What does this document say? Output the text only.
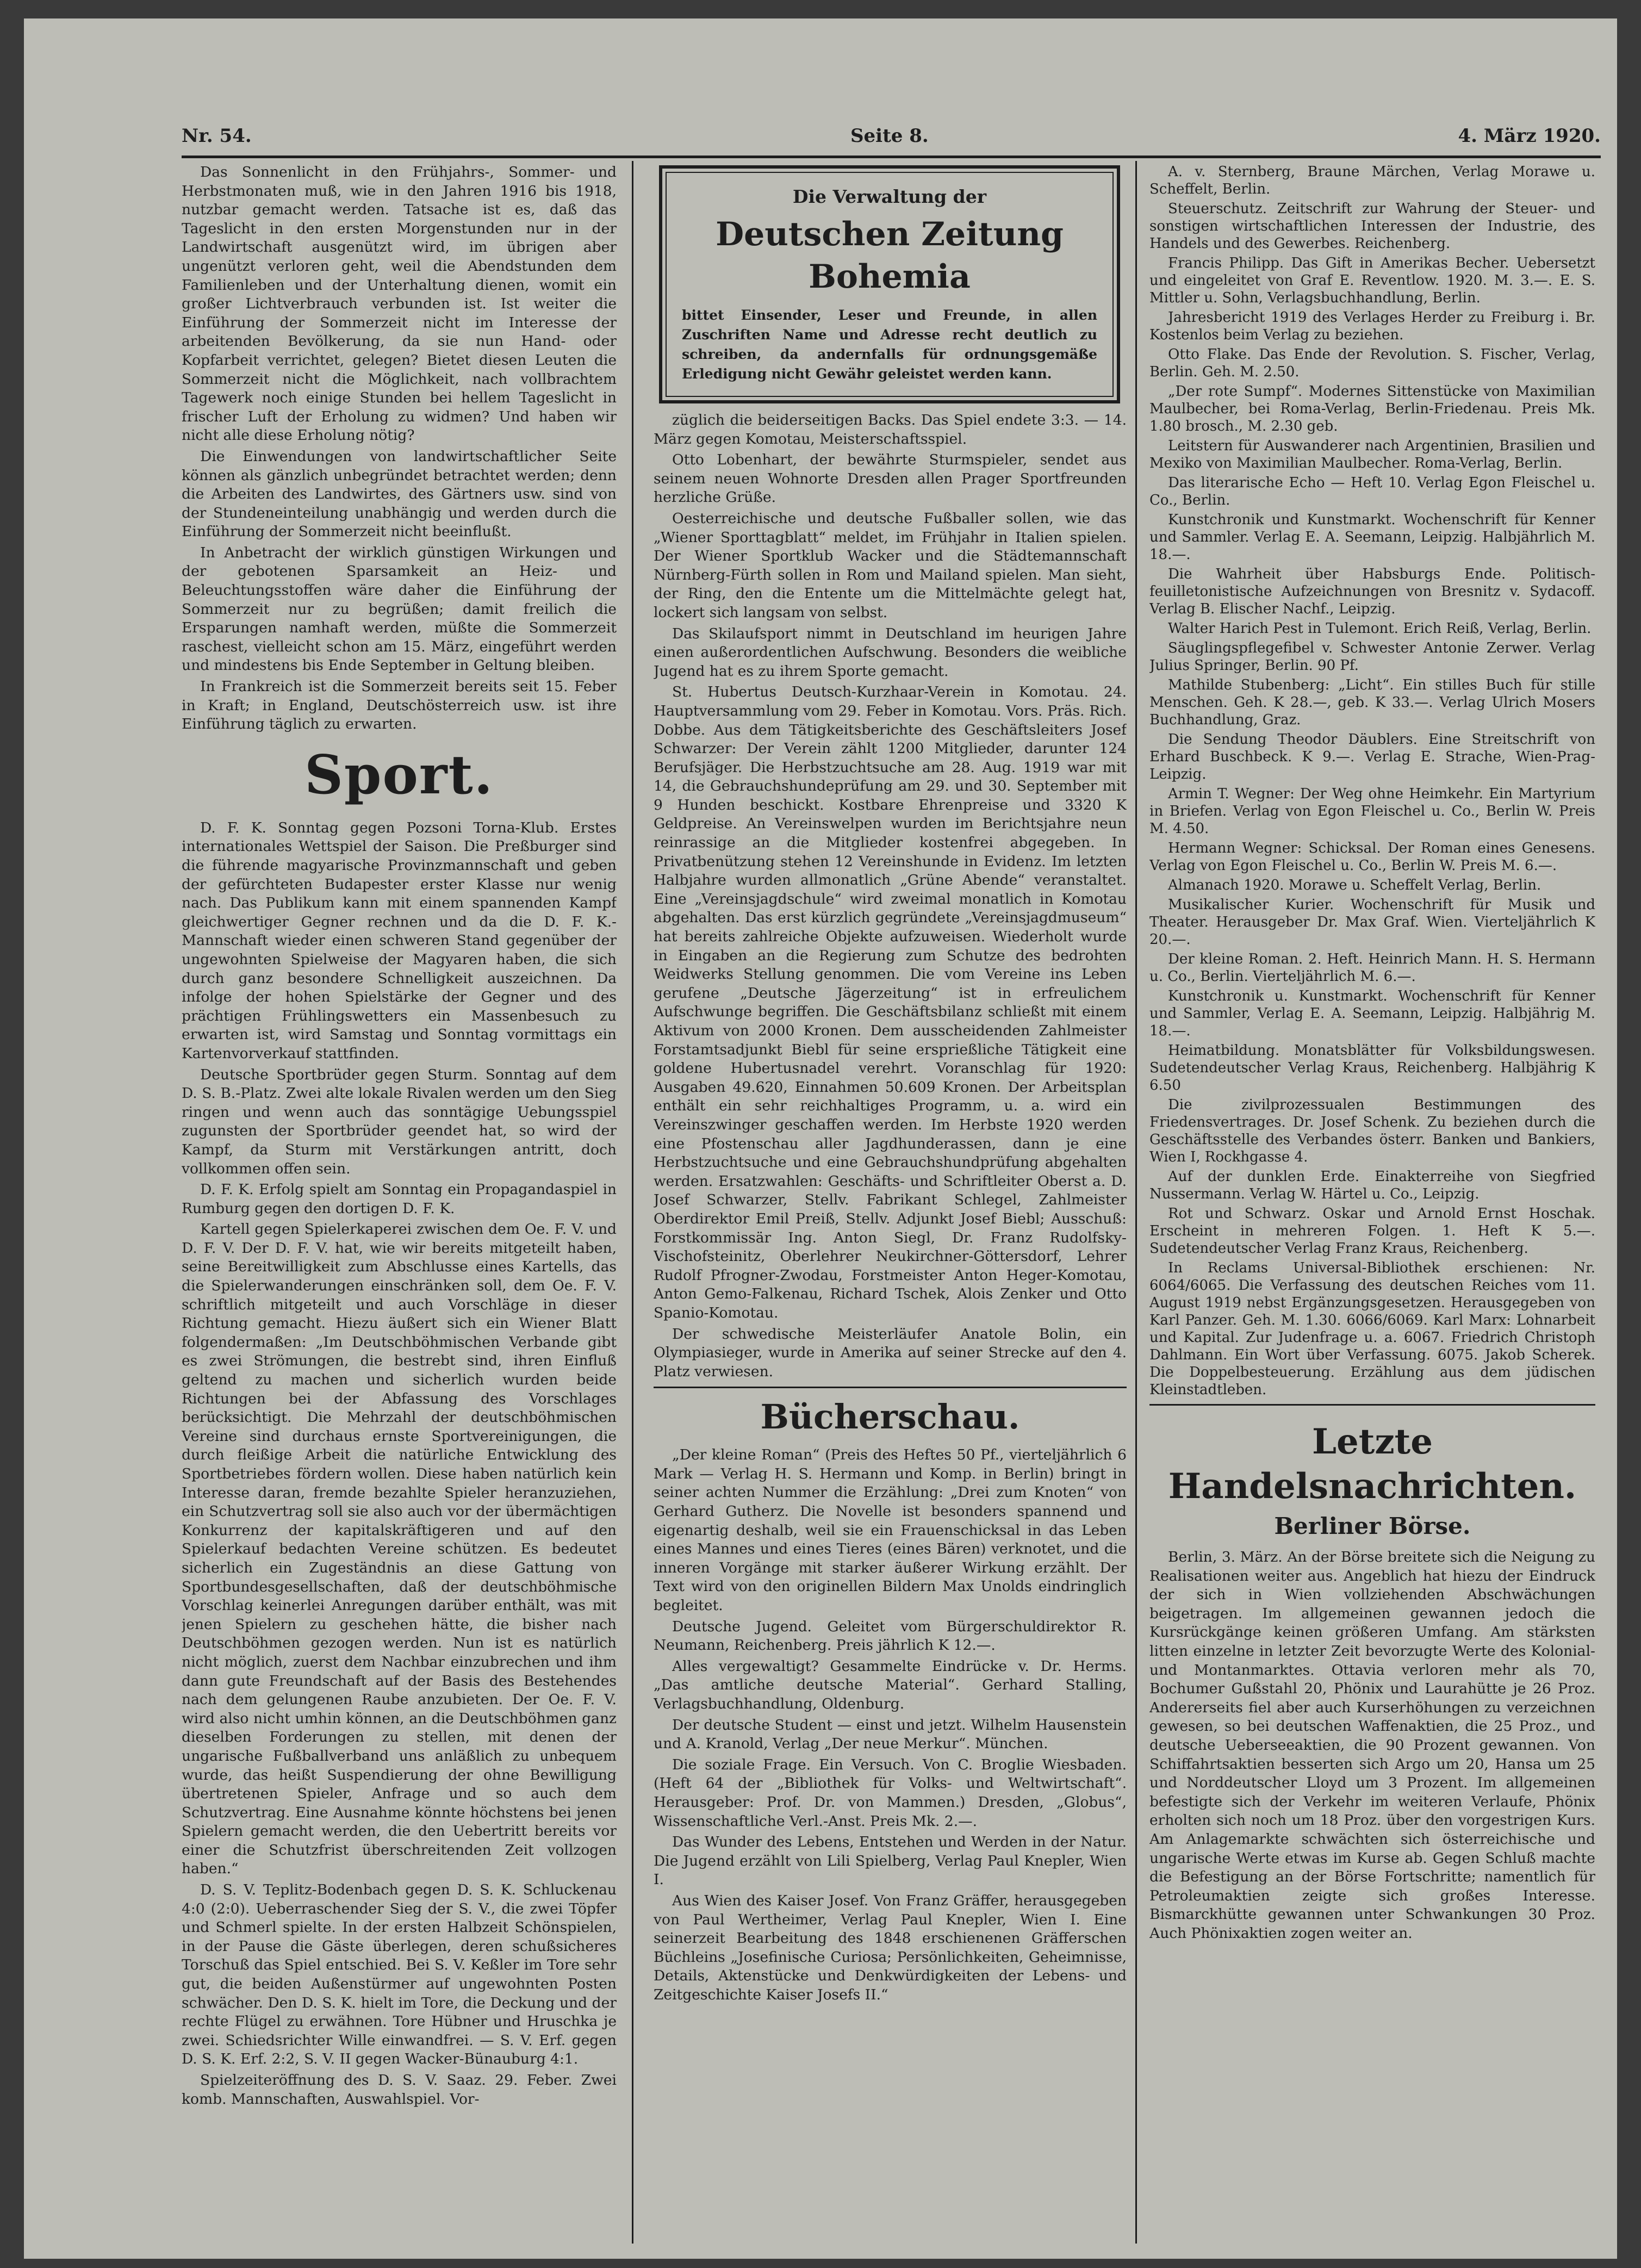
Nr. 54.	Seite 8.	4. März 1920.

Das Sonnenlicht in den Frühjahrs-, Sommer- und Herbstmonaten muß, wie in den Jahren 1916 bis 1918, nutzbar gemacht werden. Tatsache ist es, daß das Tageslicht in den ersten Morgenstunden nur in der Landwirtschaft ausgenützt wird, im übrigen aber ungenützt verloren geht, weil die Abendstunden dem Familienleben und der Unterhaltung dienen, womit ein großer Lichtverbrauch verbunden ist. Ist weiter die Einführung der Sommerzeit nicht im Interesse der arbeitenden Bevölkerung, da sie nun Hand- oder Kopfarbeit verrichtet, gelegen? Bietet diesen Leuten die Sommerzeit nicht die Möglichkeit, nach vollbrachtem Tagewerk noch einige Stunden bei hellem Tageslicht in frischer Luft der Erholung zu widmen? Und haben wir nicht alle diese Erholung nötig?

Die Einwendungen von landwirtschaftlicher Seite können als gänzlich unbegründet betrachtet werden; denn die Arbeiten des Landwirtes, des Gärtners usw. sind von der Stundeneinteilung unabhängig und werden durch die Einführung der Sommerzeit nicht beeinflußt.

In Anbetracht der wirklich günstigen Wirkungen und der gebotenen Sparsamkeit an Heiz- und Beleuchtungsstoffen wäre daher die Einführung der Sommerzeit nur zu begrüßen; damit freilich die Ersparungen namhaft werden, müßte die Sommerzeit raschest, vielleicht schon am 15. März, eingeführt werden und mindestens bis Ende September in Geltung bleiben.

In Frankreich ist die Sommerzeit bereits seit 15. Feber in Kraft; in England, Deutschösterreich usw. ist ihre Einführung täglich zu erwarten.

Sport.

D. F. K. Sonntag gegen Pozsoni Torna-Klub. Erstes internationales Wettspiel der Saison. Die Preßburger sind die führende magyarische Provinzmannschaft und geben der gefürchteten Budapester erster Klasse nur wenig nach. Das Publikum kann mit einem spannenden Kampf gleichwertiger Gegner rechnen und da die D. F. K.-Mannschaft wieder einen schweren Stand gegenüber der ungewohnten Spielweise der Magyaren haben, die sich durch ganz besondere Schnelligkeit auszeichnen. Da infolge der hohen Spielstärke der Gegner und des prächtigen Frühlingswetters ein Massenbesuch zu erwarten ist, wird Samstag und Sonntag vormittags ein Kartenvorverkauf stattfinden.

Deutsche Sportbrüder gegen Sturm. Sonntag auf dem D. S. B.-Platz. Zwei alte lokale Rivalen werden um den Sieg ringen und wenn auch das sonntägige Uebungsspiel zugunsten der Sportbrüder geendet hat, so wird der Kampf, da Sturm mit Verstärkungen antritt, doch vollkommen offen sein.

D. F. K. Erfolg spielt am Sonntag ein Propagandaspiel in Rumburg gegen den dortigen D. F. K.

Kartell gegen Spielerkaperei zwischen dem Oe. F. V. und D. F. V. Der D. F. V. hat, wie wir bereits mitgeteilt haben, seine Bereitwilligkeit zum Abschlusse eines Kartells, das die Spielerwanderungen einschränken soll, dem Oe. F. V. schriftlich mitgeteilt und auch Vorschläge in dieser Richtung gemacht. Hiezu äußert sich ein Wiener Blatt folgendermaßen: „Im Deutschböhmischen Verbande gibt es zwei Strömungen, die bestrebt sind, ihren Einfluß geltend zu machen und sicherlich wurden beide Richtungen bei der Abfassung des Vorschlages berücksichtigt. Die Mehrzahl der deutschböhmischen Vereine sind durchaus ernste Sportvereinigungen, die durch fleißige Arbeit die natürliche Entwicklung des Sportbetriebes fördern wollen. Diese haben natürlich kein Interesse daran, fremde bezahlte Spieler heranzuziehen, ein Schutzvertrag soll sie also auch vor der übermächtigen Konkurrenz der kapitalskräftigeren und auf den Spielerkauf bedachten Vereine schützen. Es bedeutet sicherlich ein Zugeständnis an diese Gattung von Sportbundesgesellschaften, daß der deutschböhmische Vorschlag keinerlei Anregungen darüber enthält, was mit jenen Spielern zu geschehen hätte, die bisher nach Deutschböhmen gezogen werden. Nun ist es natürlich nicht möglich, zuerst dem Nachbar einzubrechen und ihm dann gute Freundschaft auf der Basis des Bestehendes nach dem gelungenen Raube anzubieten. Der Oe. F. V. wird also nicht umhin können, an die Deutschböhmen ganz dieselben Forderungen zu stellen, mit denen der ungarische Fußballverband uns anläßlich zu unbequem wurde, das heißt Suspendierung der ohne Bewilligung übertretenen Spieler, Anfrage und so auch dem Schutzvertrag. Eine Ausnahme könnte höchstens bei jenen Spielern gemacht werden, die den Uebertritt bereits vor einer die Schutzfrist überschreitenden Zeit vollzogen haben.“

D. S. V. Teplitz-Bodenbach gegen D. S. K. Schluckenau 4:0 (2:0). Ueberraschender Sieg der S. V., die zwei Töpfer und Schmerl spielte. In der ersten Halbzeit Schönspielen, in der Pause die Gäste überlegen, deren schußsicheres Torschuß das Spiel entschied. Bei S. V. Keßler im Tore sehr gut, die beiden Außenstürmer auf ungewohnten Posten schwächer. Den D. S. K. hielt im Tore, die Deckung und der rechte Flügel zu erwähnen. Tore Hübner und Hruschka je zwei. Schiedsrichter Wille einwandfrei. — S. V. Erf. gegen D. S. K. Erf. 2:2, S. V. II gegen Wacker-Bünauburg 4:1.

Spielzeiteröffnung des D. S. V. Saaz. 29. Feber. Zwei komb. Mannschaften, Auswahlspiel. Vor-

Die Verwaltung der
Deutschen Zeitung Bohemia
bittet Einsender, Leser und Freunde, in allen Zuschriften Name und Adresse recht deutlich zu schreiben, da andernfalls für ordnungsgemäße Erledigung nicht Gewähr geleistet werden kann.

züglich die beiderseitigen Backs. Das Spiel endete 3:3. — 14. März gegen Komotau, Meisterschaftsspiel.

Otto Lobenhart, der bewährte Sturmspieler, sendet aus seinem neuen Wohnorte Dresden allen Prager Sportfreunden herzliche Grüße.

Oesterreichische und deutsche Fußballer sollen, wie das „Wiener Sporttagblatt“ meldet, im Frühjahr in Italien spielen. Der Wiener Sportklub Wacker und die Städtemannschaft Nürnberg-Fürth sollen in Rom und Mailand spielen. Man sieht, der Ring, den die Entente um die Mittelmächte gelegt hat, lockert sich langsam von selbst.

Das Skilaufsport nimmt in Deutschland im heurigen Jahre einen außerordentlichen Aufschwung. Besonders die weibliche Jugend hat es zu ihrem Sporte gemacht.

St. Hubertus Deutsch-Kurzhaar-Verein in Komotau. 24. Hauptversammlung vom 29. Feber in Komotau. Vors. Präs. Rich. Dobbe. Aus dem Tätigkeitsberichte des Geschäftsleiters Josef Schwarzer: Der Verein zählt 1200 Mitglieder, darunter 124 Berufsjäger. Die Herbstzuchtsuche am 28. Aug. 1919 war mit 14, die Gebrauchshundeprüfung am 29. und 30. September mit 9 Hunden beschickt. Kostbare Ehrenpreise und 3320 K Geldpreise. An Vereinswelpen wurden im Berichtsjahre neun reinrassige an die Mitglieder kostenfrei abgegeben. In Privatbenützung stehen 12 Vereinshunde in Evidenz. Im letzten Halbjahre wurden allmonatlich „Grüne Abende“ veranstaltet. Eine „Vereinsjagdschule“ wird zweimal monatlich in Komotau abgehalten. Das erst kürzlich gegründete „Vereinsjagdmuseum“ hat bereits zahlreiche Objekte aufzuweisen. Wiederholt wurde in Eingaben an die Regierung zum Schutze des bedrohten Weidwerks Stellung genommen. Die vom Vereine ins Leben gerufene „Deutsche Jägerzeitung“ ist in erfreulichem Aufschwunge begriffen. Die Geschäftsbilanz schließt mit einem Aktivum von 2000 Kronen. Dem ausscheidenden Zahlmeister Forstamtsadjunkt Biebl für seine ersprießliche Tätigkeit eine goldene Hubertusnadel verehrt. Voranschlag für 1920: Ausgaben 49.620, Einnahmen 50.609 Kronen. Der Arbeitsplan enthält ein sehr reichhaltiges Programm, u. a. wird ein Vereinszwinger geschaffen werden. Im Herbste 1920 werden eine Pfostenschau aller Jagdhunderassen, dann je eine Herbstzuchtsuche und eine Gebrauchshundprüfung abgehalten werden. Ersatzwahlen: Geschäfts- und Schriftleiter Oberst a. D. Josef Schwarzer, Stellv. Fabrikant Schlegel, Zahlmeister Oberdirektor Emil Preiß, Stellv. Adjunkt Josef Biebl; Ausschuß: Forstkommissär Ing. Anton Siegl, Dr. Franz Rudolfsky-Vischofsteinitz, Oberlehrer Neukirchner-Göttersdorf, Lehrer Rudolf Pfrogner-Zwodau, Forstmeister Anton Heger-Komotau, Anton Gemo-Falkenau, Richard Tschek, Alois Zenker und Otto Spanio-Komotau.

Der schwedische Meisterläufer Anatole Bolin, ein Olympiasieger, wurde in Amerika auf seiner Strecke auf den 4. Platz verwiesen.

Bücherschau.

„Der kleine Roman“ (Preis des Heftes 50 Pf., vierteljährlich 6 Mark — Verlag H. S. Hermann und Komp. in Berlin) bringt in seiner achten Nummer die Erzählung: „Drei zum Knoten“ von Gerhard Gutherz. Die Novelle ist besonders spannend und eigenartig deshalb, weil sie ein Frauenschicksal in das Leben eines Mannes und eines Tieres (eines Bären) verknotet, und die inneren Vorgänge mit starker äußerer Wirkung erzählt. Der Text wird von den originellen Bildern Max Unolds eindringlich begleitet.

Deutsche Jugend. Geleitet vom Bürgerschuldirektor R. Neumann, Reichenberg. Preis jährlich K 12.—.

Alles vergewaltigt? Gesammelte Eindrücke v. Dr. Herms. „Das amtliche deutsche Material“. Gerhard Stalling, Verlagsbuchhandlung, Oldenburg.

Der deutsche Student — einst und jetzt. Wilhelm Hausenstein und A. Kranold, Verlag „Der neue Merkur“. München.

Die soziale Frage. Ein Versuch. Von C. Broglie Wiesbaden. (Heft 64 der „Bibliothek für Volks- und Weltwirtschaft“. Herausgeber: Prof. Dr. von Mammen.) Dresden, „Globus“, Wissenschaftliche Verl.-Anst. Preis Mk. 2.—.

Das Wunder des Lebens, Entstehen und Werden in der Natur. Die Jugend erzählt von Lili Spielberg, Verlag Paul Knepler, Wien I.

Aus Wien des Kaiser Josef. Von Franz Gräffer, herausgegeben von Paul Wertheimer, Verlag Paul Knepler, Wien I. Eine seinerzeit Bearbeitung des 1848 erschienenen Gräfferschen Büchleins „Josefinische Curiosa; Persönlichkeiten, Geheimnisse, Details, Aktenstücke und Denkwürdigkeiten der Lebens- und Zeitgeschichte Kaiser Josefs II.“

A. v. Sternberg, Braune Märchen, Verlag Morawe u. Scheffelt, Berlin.

Steuerschutz. Zeitschrift zur Wahrung der Steuer- und sonstigen wirtschaftlichen Interessen der Industrie, des Handels und des Gewerbes. Reichenberg.

Francis Philipp. Das Gift in Amerikas Becher. Uebersetzt und eingeleitet von Graf E. Reventlow. 1920. M. 3.—. E. S. Mittler u. Sohn, Verlagsbuchhandlung, Berlin.

Jahresbericht 1919 des Verlages Herder zu Freiburg i. Br. Kostenlos beim Verlag zu beziehen.

Otto Flake. Das Ende der Revolution. S. Fischer, Verlag, Berlin. Geh. M. 2.50.

„Der rote Sumpf“. Modernes Sittenstücke von Maximilian Maulbecher, bei Roma-Verlag, Berlin-Friedenau. Preis Mk. 1.80 brosch., M. 2.30 geb.

Leitstern für Auswanderer nach Argentinien, Brasilien und Mexiko von Maximilian Maulbecher. Roma-Verlag, Berlin.

Das literarische Echo — Heft 10. Verlag Egon Fleischel u. Co., Berlin.

Kunstchronik und Kunstmarkt. Wochenschrift für Kenner und Sammler. Verlag E. A. Seemann, Leipzig. Halbjährlich M. 18.—.

Die Wahrheit über Habsburgs Ende. Politisch-feuilletonistische Aufzeichnungen von Bresnitz v. Sydacoff. Verlag B. Elischer Nachf., Leipzig.

Walter Harich Pest in Tulemont. Erich Reiß, Verlag, Berlin.

Säuglingspflegefibel v. Schwester Antonie Zerwer. Verlag Julius Springer, Berlin. 90 Pf.

Mathilde Stubenberg: „Licht“. Ein stilles Buch für stille Menschen. Geh. K 28.—, geb. K 33.—. Verlag Ulrich Mosers Buchhandlung, Graz.

Die Sendung Theodor Däublers. Eine Streitschrift von Erhard Buschbeck. K 9.—. Verlag E. Strache, Wien-Prag-Leipzig.

Armin T. Wegner: Der Weg ohne Heimkehr. Ein Martyrium in Briefen. Verlag von Egon Fleischel u. Co., Berlin W. Preis M. 4.50.

Hermann Wegner: Schicksal. Der Roman eines Genesens. Verlag von Egon Fleischel u. Co., Berlin W. Preis M. 6.—.

Almanach 1920. Morawe u. Scheffelt Verlag, Berlin.

Musikalischer Kurier. Wochenschrift für Musik und Theater. Herausgeber Dr. Max Graf. Wien. Vierteljährlich K 20.—.

Der kleine Roman. 2. Heft. Heinrich Mann. H. S. Hermann u. Co., Berlin. Vierteljährlich M. 6.—.

Kunstchronik u. Kunstmarkt. Wochenschrift für Kenner und Sammler, Verlag E. A. Seemann, Leipzig. Halbjährig M. 18.—.

Heimatbildung. Monatsblätter für Volksbildungswesen. Sudetendeutscher Verlag Kraus, Reichenberg. Halbjährig K 6.50

Die zivilprozessualen Bestimmungen des Friedensvertrages. Dr. Josef Schenk. Zu beziehen durch die Geschäftsstelle des Verbandes österr. Banken und Bankiers, Wien I, Rockhgasse 4.

Auf der dunklen Erde. Einakterreihe von Siegfried Nussermann. Verlag W. Härtel u. Co., Leipzig.

Rot und Schwarz. Oskar und Arnold Ernst Hoschak. Erscheint in mehreren Folgen. 1. Heft K 5.—. Sudetendeutscher Verlag Franz Kraus, Reichenberg.

In Reclams Universal-Bibliothek erschienen: Nr. 6064/6065. Die Verfassung des deutschen Reiches vom 11. August 1919 nebst Ergänzungsgesetzen. Herausgegeben von Karl Panzer. Geh. M. 1.30. 6066/6069. Karl Marx: Lohnarbeit und Kapital. Zur Judenfrage u. a. 6067. Friedrich Christoph Dahlmann. Ein Wort über Verfassung. 6075. Jakob Scherek. Die Doppelbesteuerung. Erzählung aus dem jüdischen Kleinstadtleben.

Letzte Handelsnachrichten.
Berliner Börse.

Berlin, 3. März. An der Börse breitete sich die Neigung zu Realisationen weiter aus. Angeblich hat hiezu der Eindruck der sich in Wien vollziehenden Abschwächungen beigetragen. Im allgemeinen gewannen jedoch die Kursrückgänge keinen größeren Umfang. Am stärksten litten einzelne in letzter Zeit bevorzugte Werte des Kolonial- und Montanmarktes. Ottavia verloren mehr als 70, Bochumer Gußstahl 20, Phönix und Laurahütte je 26 Proz. Andererseits fiel aber auch Kurserhöhungen zu verzeichnen gewesen, so bei deutschen Waffenaktien, die 25 Proz., und deutsche Ueberseeaktien, die 90 Prozent gewannen. Von Schiffahrtsaktien besserten sich Argo um 20, Hansa um 25 und Norddeutscher Lloyd um 3 Prozent. Im allgemeinen befestigte sich der Verkehr im weiteren Verlaufe, Phönix erholten sich noch um 18 Proz. über den vorgestrigen Kurs. Am Anlagemarkte schwächten sich österreichische und ungarische Werte etwas im Kurse ab. Gegen Schluß machte die Befestigung an der Börse Fortschritte; namentlich für Petroleumaktien zeigte sich großes Interesse. Bismarckhütte gewannen unter Schwankungen 30 Proz. Auch Phönixaktien zogen weiter an.
